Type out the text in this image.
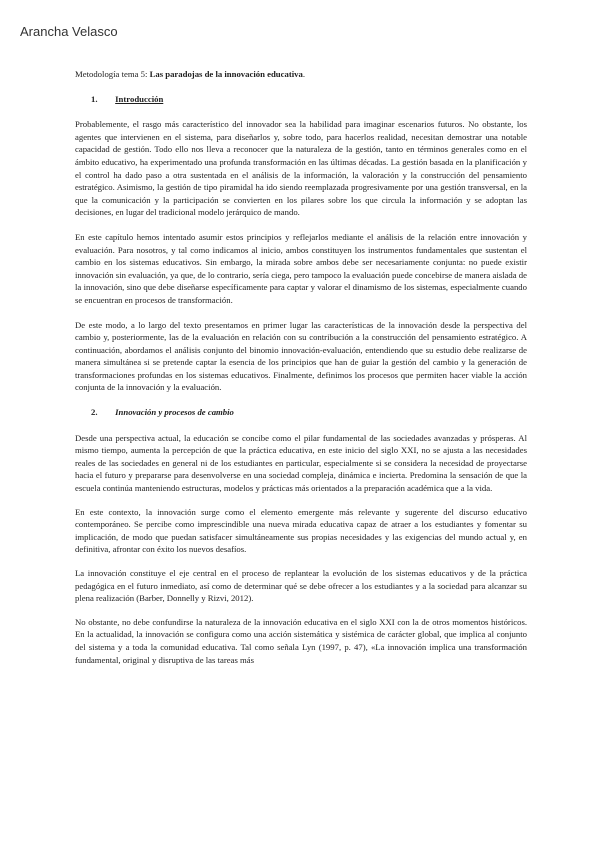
Arancha Velasco

Metodología tema 5: Las paradojas de la innovación educativa.

1. Introducción

Probablemente, el rasgo más característico del innovador sea la habilidad para imaginar escenarios futuros. No obstante, los agentes que intervienen en el sistema, para diseñarlos y, sobre todo, para hacerlos realidad, necesitan demostrar una notable capacidad de gestión. Todo ello nos lleva a reconocer que la naturaleza de la gestión, tanto en términos generales como en el ámbito educativo, ha experimentado una profunda transformación en las últimas décadas. La gestión basada en la planificación y el control ha dado paso a otra sustentada en el análisis de la información, la valoración y la construcción del pensamiento estratégico. Asimismo, la gestión de tipo piramidal ha ido siendo reemplazada progresivamente por una gestión transversal, en la que la comunicación y la participación se convierten en los pilares sobre los que circula la información y se adoptan las decisiones, en lugar del tradicional modelo jerárquico de mando.

En este capítulo hemos intentado asumir estos principios y reflejarlos mediante el análisis de la relación entre innovación y evaluación. Para nosotros, y tal como indicamos al inicio, ambos constituyen los instrumentos fundamentales que sustentan el cambio en los sistemas educativos. Sin embargo, la mirada sobre ambos debe ser necesariamente conjunta: no puede existir innovación sin evaluación, ya que, de lo contrario, sería ciega, pero tampoco la evaluación puede concebirse de manera aislada de la innovación, sino que debe diseñarse específicamente para captar y valorar el dinamismo de los sistemas, especialmente cuando se encuentran en procesos de transformación.

De este modo, a lo largo del texto presentamos en primer lugar las características de la innovación desde la perspectiva del cambio y, posteriormente, las de la evaluación en relación con su contribución a la construcción del pensamiento estratégico. A continuación, abordamos el análisis conjunto del binomio innovación-evaluación, entendiendo que su estudio debe realizarse de manera simultánea si se pretende captar la esencia de los principios que han de guiar la gestión del cambio y la generación de transformaciones profundas en los sistemas educativos. Finalmente, definimos los procesos que permiten hacer viable la acción conjunta de la innovación y la evaluación.

2. Innovación y procesos de cambio

Desde una perspectiva actual, la educación se concibe como el pilar fundamental de las sociedades avanzadas y prósperas. Al mismo tiempo, aumenta la percepción de que la práctica educativa, en este inicio del siglo XXI, no se ajusta a las necesidades reales de las sociedades en general ni de los estudiantes en particular, especialmente si se considera la necesidad de proyectarse hacia el futuro y prepararse para desenvolverse en una sociedad compleja, dinámica e incierta. Predomina la sensación de que la escuela continúa manteniendo estructuras, modelos y prácticas más orientados a la preparación académica que a la vida.

En este contexto, la innovación surge como el elemento emergente más relevante y sugerente del discurso educativo contemporáneo. Se percibe como imprescindible una nueva mirada educativa capaz de atraer a los estudiantes y fomentar su implicación, de modo que puedan satisfacer simultáneamente sus propias necesidades y las exigencias del mundo actual y, en definitiva, afrontar con éxito los nuevos desafíos.

La innovación constituye el eje central en el proceso de replantear la evolución de los sistemas educativos y de la práctica pedagógica en el futuro inmediato, así como de determinar qué se debe ofrecer a los estudiantes y a la sociedad para alcanzar su plena realización (Barber, Donnelly y Rizvi, 2012).

No obstante, no debe confundirse la naturaleza de la innovación educativa en el siglo XXI con la de otros momentos históricos. En la actualidad, la innovación se configura como una acción sistemática y sistémica de carácter global, que implica al conjunto del sistema y a toda la comunidad educativa. Tal como señala Lyn (1997, p. 47), «La innovación implica una transformación fundamental, original y disruptiva de las tareas más
